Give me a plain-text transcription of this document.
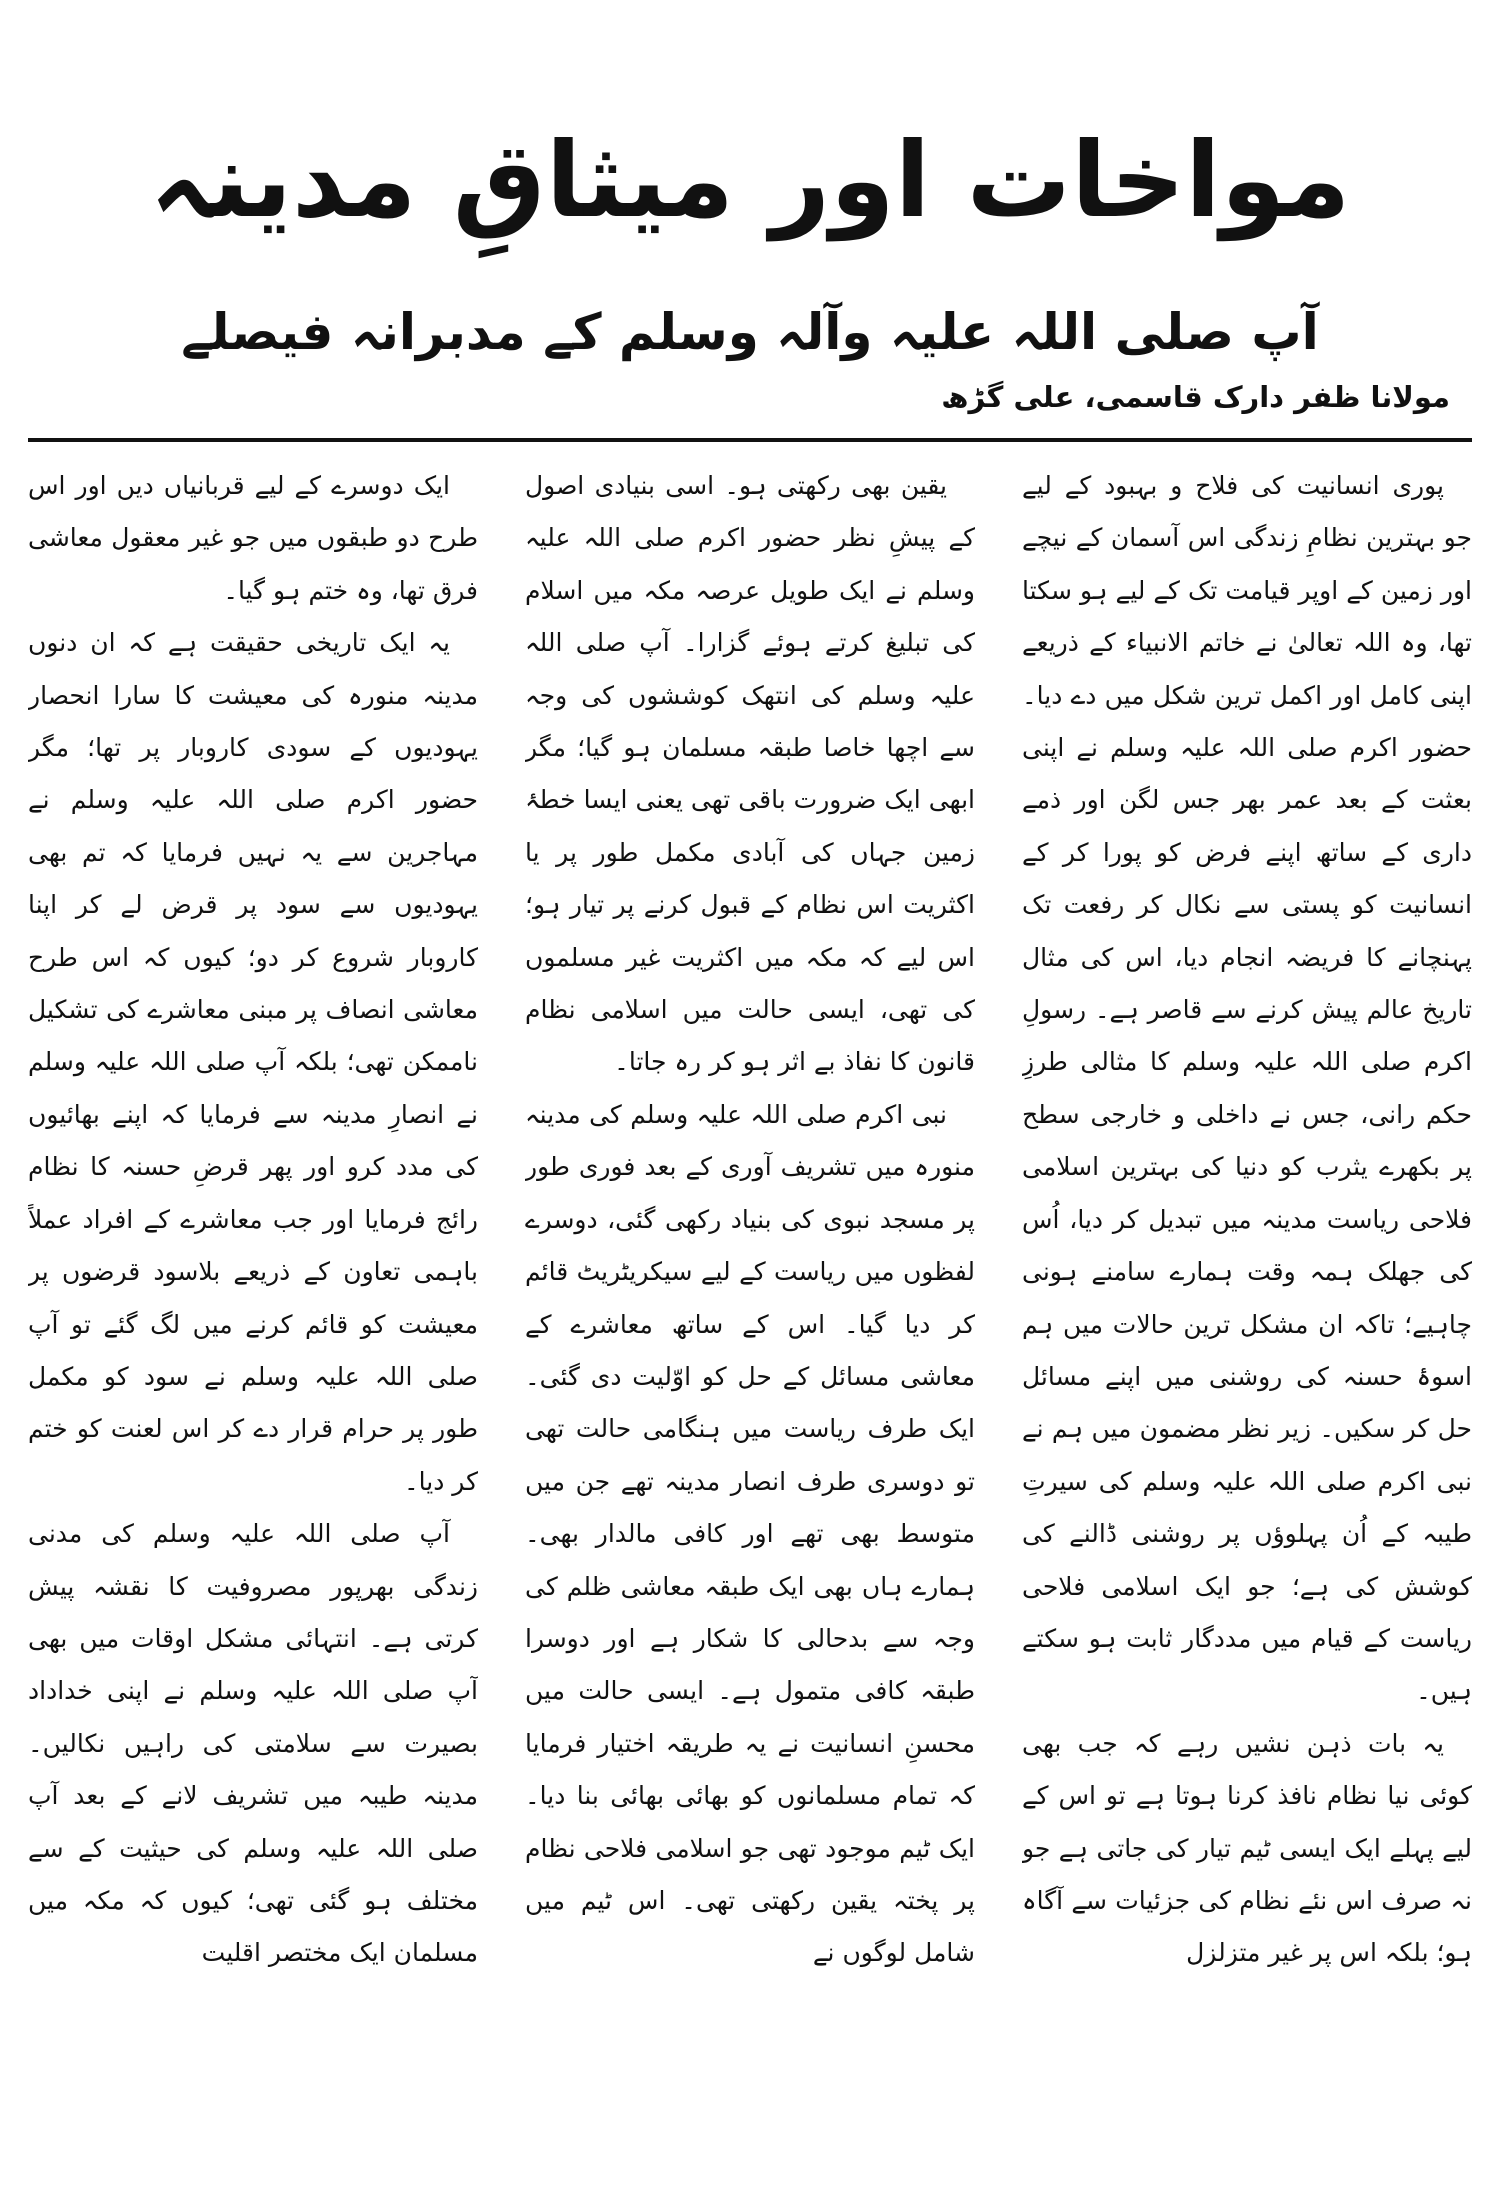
مواخات اور میثاقِ مدینہ
آپ صلی اللہ علیہ وآلہ وسلم کے مدبرانہ فیصلے
مولانا ظفر دارک قاسمی، علی گڑھ

پوری انسانیت کی فلاح و بہبود کے لیے جو بہترین نظامِ زندگی اس آسمان کے نیچے اور زمین کے اوپر قیامت تک کے لیے ہو سکتا تھا، وہ اللہ تعالیٰ نے خاتم الانبیاء کے ذریعے اپنی کامل اور اکمل ترین شکل میں دے دیا۔ حضور اکرم صلی اللہ علیہ وسلم نے اپنی بعثت کے بعد عمر بھر جس لگن اور ذمے داری کے ساتھ اپنے فرض کو پورا کر کے انسانیت کو پستی سے نکال کر رفعت تک پہنچانے کا فریضہ انجام دیا، اس کی مثال تاریخ عالم پیش کرنے سے قاصر ہے۔ رسولِ اکرم صلی اللہ علیہ وسلم کا مثالی طرزِ حکم رانی، جس نے داخلی و خارجی سطح پر بکھرے یثرب کو دنیا کی بہترین اسلامی فلاحی ریاست مدینہ میں تبدیل کر دیا، اُس کی جھلک ہمہ وقت ہمارے سامنے ہونی چاہیے؛ تاکہ ان مشکل ترین حالات میں ہم اسوۂ حسنہ کی روشنی میں اپنے مسائل حل کر سکیں۔ زیر نظر مضمون میں ہم نے نبی اکرم صلی اللہ علیہ وسلم کی سیرتِ طیبہ کے اُن پہلوؤں پر روشنی ڈالنے کی کوشش کی ہے؛ جو ایک اسلامی فلاحی ریاست کے قیام میں مددگار ثابت ہو سکتے ہیں۔

یہ بات ذہن نشیں رہے کہ جب بھی کوئی نیا نظام نافذ کرنا ہوتا ہے تو اس کے لیے پہلے ایک ایسی ٹیم تیار کی جاتی ہے جو نہ صرف اس نئے نظام کی جزئیات سے آگاہ ہو؛ بلکہ اس پر غیر متزلزل

یقین بھی رکھتی ہو۔ اسی بنیادی اصول کے پیشِ نظر حضور اکرم صلی اللہ علیہ وسلم نے ایک طویل عرصہ مکہ میں اسلام کی تبلیغ کرتے ہوئے گزارا۔ آپ صلی اللہ علیہ وسلم کی انتھک کوششوں کی وجہ سے اچھا خاصا طبقہ مسلمان ہو گیا؛ مگر ابھی ایک ضرورت باقی تھی یعنی ایسا خطۂ زمین جہاں کی آبادی مکمل طور پر یا اکثریت اس نظام کے قبول کرنے پر تیار ہو؛ اس لیے کہ مکہ میں اکثریت غیر مسلموں کی تھی، ایسی حالت میں اسلامی نظام قانون کا نفاذ بے اثر ہو کر رہ جاتا۔

نبی اکرم صلی اللہ علیہ وسلم کی مدینہ منورہ میں تشریف آوری کے بعد فوری طور پر مسجد نبوی کی بنیاد رکھی گئی، دوسرے لفظوں میں ریاست کے لیے سیکریٹریٹ قائم کر دیا گیا۔ اس کے ساتھ معاشرے کے معاشی مسائل کے حل کو اوّلیت دی گئی۔ ایک طرف ریاست میں ہنگامی حالت تھی تو دوسری طرف انصار مدینہ تھے جن میں متوسط بھی تھے اور کافی مالدار بھی۔ ہمارے ہاں بھی ایک طبقہ معاشی ظلم کی وجہ سے بدحالی کا شکار ہے اور دوسرا طبقہ کافی متمول ہے۔ ایسی حالت میں محسنِ انسانیت نے یہ طریقہ اختیار فرمایا کہ تمام مسلمانوں کو بھائی بھائی بنا دیا۔ ایک ٹیم موجود تھی جو اسلامی فلاحی نظام پر پختہ یقین رکھتی تھی۔ اس ٹیم میں شامل لوگوں نے

ایک دوسرے کے لیے قربانیاں دیں اور اس طرح دو طبقوں میں جو غیر معقول معاشی فرق تھا، وہ ختم ہو گیا۔

یہ ایک تاریخی حقیقت ہے کہ ان دنوں مدینہ منورہ کی معیشت کا سارا انحصار یہودیوں کے سودی کاروبار پر تھا؛ مگر حضور اکرم صلی اللہ علیہ وسلم نے مہاجرین سے یہ نہیں فرمایا کہ تم بھی یہودیوں سے سود پر قرض لے کر اپنا کاروبار شروع کر دو؛ کیوں کہ اس طرح معاشی انصاف پر مبنی معاشرے کی تشکیل ناممکن تھی؛ بلکہ آپ صلی اللہ علیہ وسلم نے انصارِ مدینہ سے فرمایا کہ اپنے بھائیوں کی مدد کرو اور پھر قرضِ حسنہ کا نظام رائج فرمایا اور جب معاشرے کے افراد عملاً باہمی تعاون کے ذریعے بلاسود قرضوں پر معیشت کو قائم کرنے میں لگ گئے تو آپ صلی اللہ علیہ وسلم نے سود کو مکمل طور پر حرام قرار دے کر اس لعنت کو ختم کر دیا۔

آپ صلی اللہ علیہ وسلم کی مدنی زندگی بھرپور مصروفیت کا نقشہ پیش کرتی ہے۔ انتہائی مشکل اوقات میں بھی آپ صلی اللہ علیہ وسلم نے اپنی خداداد بصیرت سے سلامتی کی راہیں نکالیں۔ مدینہ طیبہ میں تشریف لانے کے بعد آپ صلی اللہ علیہ وسلم کی حیثیت کے سے مختلف ہو گئی تھی؛ کیوں کہ مکہ میں مسلمان ایک مختصر اقلیت
